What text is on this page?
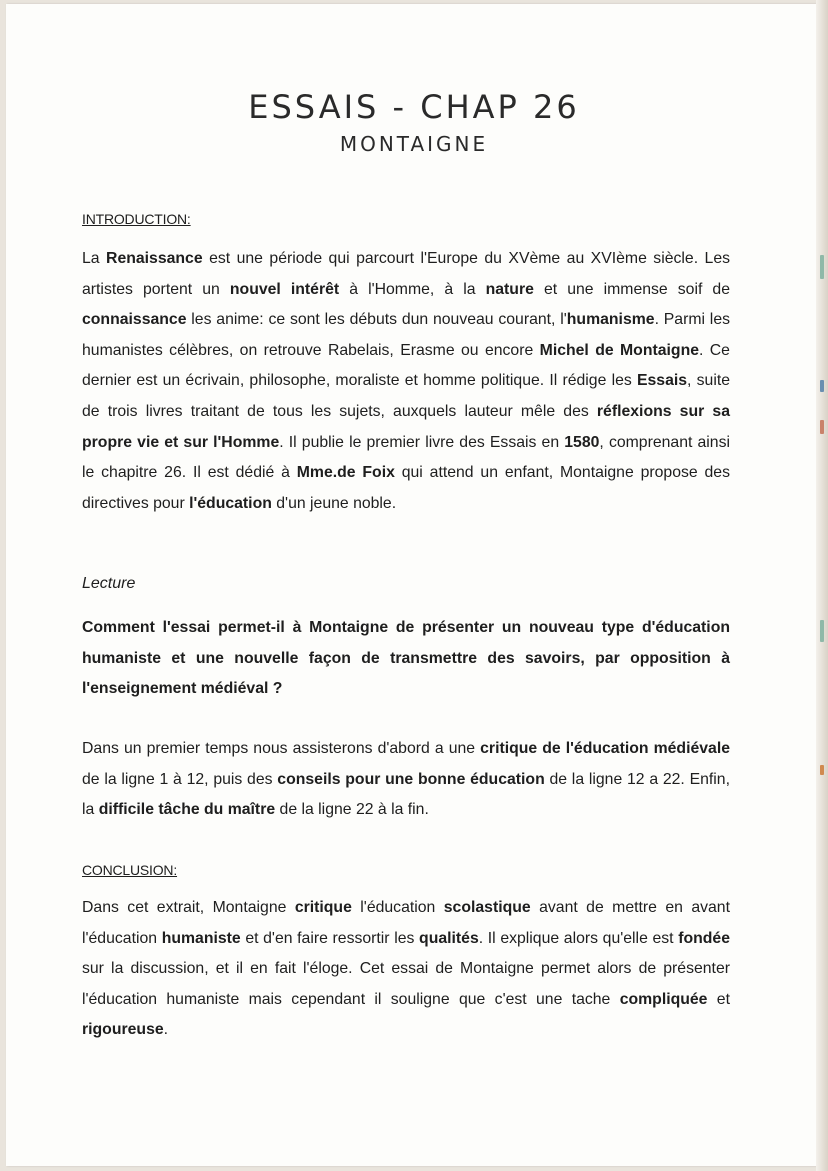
ESSAIS - CHAP 26
MONTAIGNE
INTRODUCTION:
La Renaissance est une période qui parcourt l'Europe du XVème au XVIème siècle. Les artistes portent un nouvel intérêt à l'Homme, à la nature et une immense soif de connaissance les anime: ce sont les débuts dun nouveau courant, l'humanisme. Parmi les humanistes célèbres, on retrouve Rabelais, Erasme ou encore Michel de Montaigne. Ce dernier est un écrivain, philosophe, moraliste et homme politique. Il rédige les Essais, suite de trois livres traitant de tous les sujets, auxquels lauteur mêle des réflexions sur sa propre vie et sur l'Homme. Il publie le premier livre des Essais en 1580, comprenant ainsi le chapitre 26. Il est dédié à Mme.de Foix qui attend un enfant, Montaigne propose des directives pour l'éducation d'un jeune noble.
Lecture
Comment l'essai permet-il à Montaigne de présenter un nouveau type d'éducation humaniste et une nouvelle façon de transmettre des savoirs, par opposition à l'enseignement médiéval ?
Dans un premier temps nous assisterons d'abord a une critique de l'éducation médiévale de la ligne 1 à 12, puis des conseils pour une bonne éducation de la ligne 12 a 22. Enfin, la difficile tâche du maître de la ligne 22 à la fin.
CONCLUSION:
Dans cet extrait, Montaigne critique l'éducation scolastique avant de mettre en avant l'éducation humaniste et d'en faire ressortir les qualités. Il explique alors qu'elle est fondée sur la discussion, et il en fait l'éloge. Cet essai de Montaigne permet alors de présenter l'éducation humaniste mais cependant il souligne que c'est une tache compliquée et rigoureuse.
